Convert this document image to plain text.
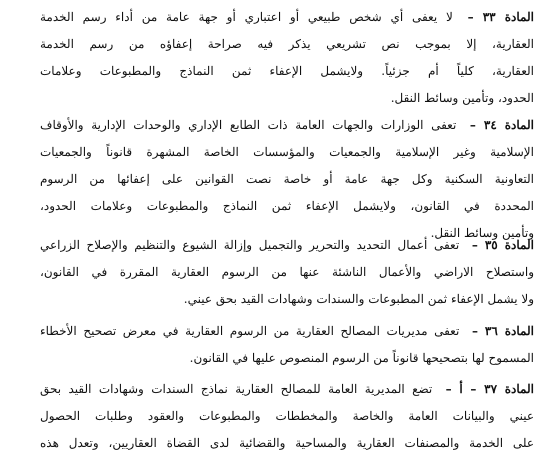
المادة ٣٣ – لا يعفى أي شخص طبيعي أو اعتباري أو جهة عامة من أداء رسم الخدمة
العقارية، إلا بموجب نص تشريعي يذكر فيه صراحة إعفاؤه من رسم الخدمة
العقارية، كلياً أم جزئياً. ولايشمل الإعفاء ثمن النماذج والمطبوعات وعلامات
الحدود، وتأمين وسائط النقل.
المادة ٣٤ – تعفى الوزارات والجهات العامة ذات الطابع الإداري والوحدات الإدارية والأوقاف
الإسلامية وغير الإسلامية والجمعيات والمؤسسات الخاصة المشهرة قانوناً والجمعيات
التعاونية السكنية وكل جهة عامة أو خاصة نصت القوانين على إعفائها من الرسوم
المحددة في القانون، ولايشمل الإعفاء ثمن النماذج والمطبوعات وعلامات الحدود،
وتأمين وسائط النقل.
المادة ٣٥ – تعفى أعمال التحديد والتحرير والتجميل وإزالة الشيوع والتنظيم والإصلاح الزراعي
واستصلاح الاراضي والأعمال الناشئة عنها من الرسوم العقارية المقررة في القانون،
ولا يشمل الإعفاء ثمن المطبوعات والسندات وشهادات القيد بحق عيني.
المادة ٣٦ – تعفى مديريات المصالح العقارية من الرسوم العقارية في معرض تصحيح الأخطاء
المسموح لها بتصحيحها قانوناً من الرسوم المنصوص عليها في القانون.
المادة ٣٧ – أ – تضع المديرية العامة للمصالح العقارية نماذج السندات وشهادات القيد بحق
عيني والبيانات العامة والخاصة والمخططات والمطبوعات والعقود وطلبات الحصول
على الخدمة والمصنفات العقارية والمساحية والقضائية لدى القضاة العقاريين، وتعدل هذه
